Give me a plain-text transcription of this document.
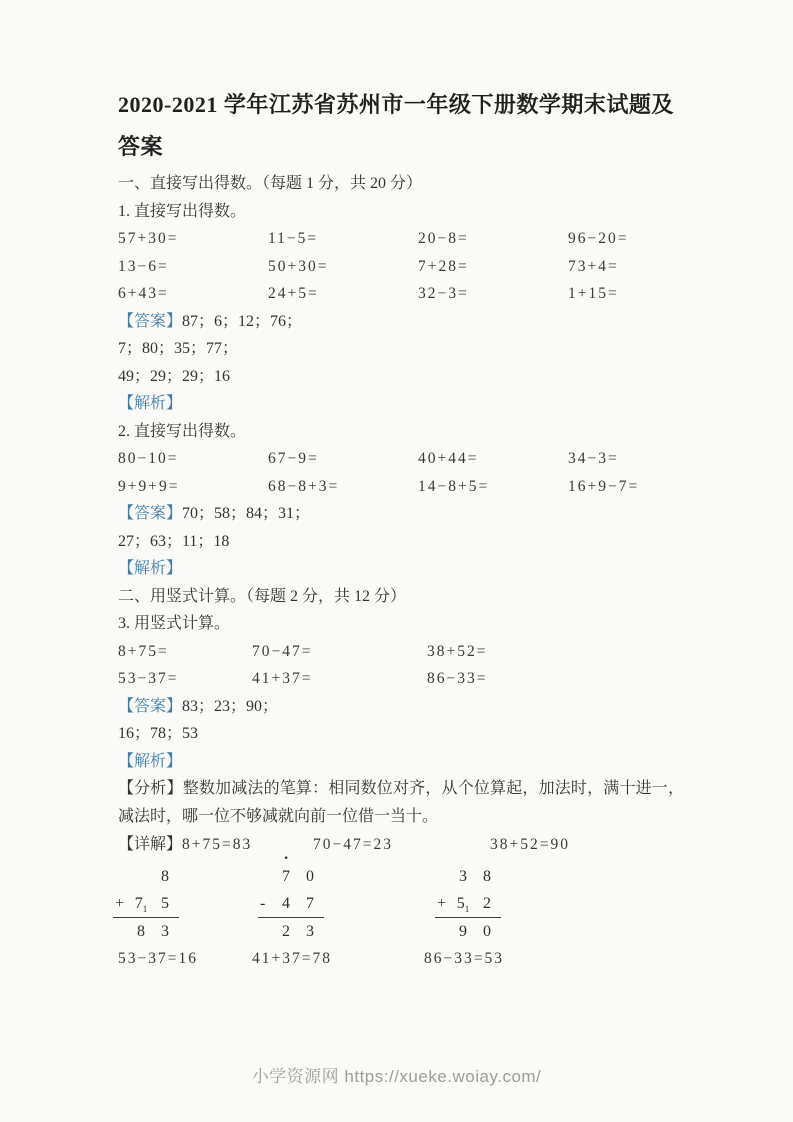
2020-2021 学年江苏省苏州市一年级下册数学期末试题及答案
一、直接写出得数。（每题 1 分，共 20 分）
1. 直接写出得数。
57+30=	11−5=	20−8=	96−20=
13−6=	50+30=	7+28=	73+4=
6+43=	24+5=	32−3=	1+15=
【答案】87；6；12；76；
7；80；35；77；
49；29；29；16
【解析】
2. 直接写出得数。
80−10=	67−9=	40+44=	34−3=
9+9+9=	68−8+3=	14−8+5=	16+9−7=
【答案】70；58；84；31；
27；63；11；18
【解析】
二、用竖式计算。（每题 2 分，共 12 分）
3. 用竖式计算。
8+75=	70−47=	38+52=
53−37=	41+37=	86−33=
【答案】83；23；90；
16；78；53
【解析】
【分析】整数加减法的笔算：相同数位对齐，从个位算起，加法时，满十进一，减法时，哪一位不够减就向前一位借一当十。
【详解】8+75=83	70−47=23	38+52=90
8
+ $7_1$ 5
8	3
·
7	0
-	4	7
2	3
3	8
+ $5_1$ 2
9	0
53−37=16	41+37=78	86−33=53
小学资源网 https://xueke.woiay.com/
